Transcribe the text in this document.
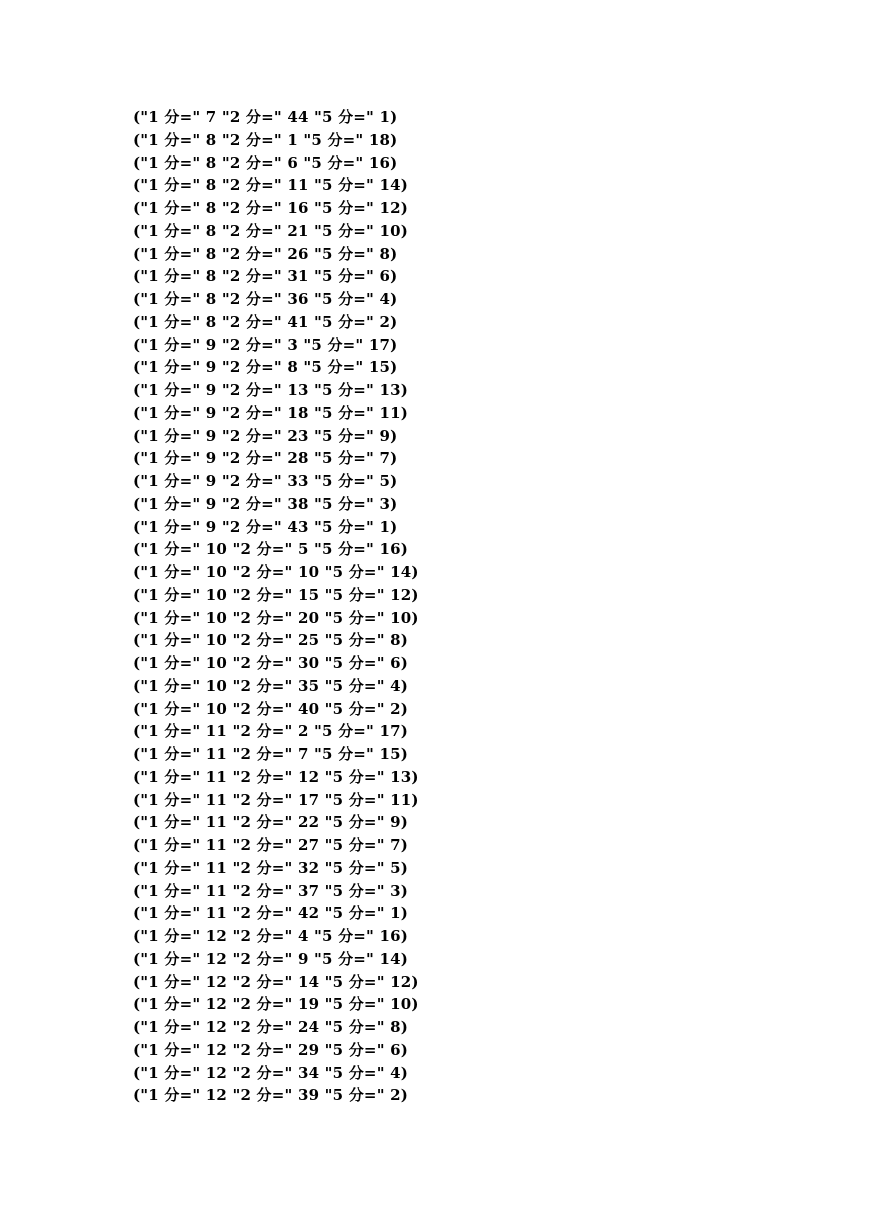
("1 分=" 7 "2 分=" 44 "5 分=" 1)
("1 分=" 8 "2 分=" 1 "5 分=" 18)
("1 分=" 8 "2 分=" 6 "5 分=" 16)
("1 分=" 8 "2 分=" 11 "5 分=" 14)
("1 分=" 8 "2 分=" 16 "5 分=" 12)
("1 分=" 8 "2 分=" 21 "5 分=" 10)
("1 分=" 8 "2 分=" 26 "5 分=" 8)
("1 分=" 8 "2 分=" 31 "5 分=" 6)
("1 分=" 8 "2 分=" 36 "5 分=" 4)
("1 分=" 8 "2 分=" 41 "5 分=" 2)
("1 分=" 9 "2 分=" 3 "5 分=" 17)
("1 分=" 9 "2 分=" 8 "5 分=" 15)
("1 分=" 9 "2 分=" 13 "5 分=" 13)
("1 分=" 9 "2 分=" 18 "5 分=" 11)
("1 分=" 9 "2 分=" 23 "5 分=" 9)
("1 分=" 9 "2 分=" 28 "5 分=" 7)
("1 分=" 9 "2 分=" 33 "5 分=" 5)
("1 分=" 9 "2 分=" 38 "5 分=" 3)
("1 分=" 9 "2 分=" 43 "5 分=" 1)
("1 分=" 10 "2 分=" 5 "5 分=" 16)
("1 分=" 10 "2 分=" 10 "5 分=" 14)
("1 分=" 10 "2 分=" 15 "5 分=" 12)
("1 分=" 10 "2 分=" 20 "5 分=" 10)
("1 分=" 10 "2 分=" 25 "5 分=" 8)
("1 分=" 10 "2 分=" 30 "5 分=" 6)
("1 分=" 10 "2 分=" 35 "5 分=" 4)
("1 分=" 10 "2 分=" 40 "5 分=" 2)
("1 分=" 11 "2 分=" 2 "5 分=" 17)
("1 分=" 11 "2 分=" 7 "5 分=" 15)
("1 分=" 11 "2 分=" 12 "5 分=" 13)
("1 分=" 11 "2 分=" 17 "5 分=" 11)
("1 分=" 11 "2 分=" 22 "5 分=" 9)
("1 分=" 11 "2 分=" 27 "5 分=" 7)
("1 分=" 11 "2 分=" 32 "5 分=" 5)
("1 分=" 11 "2 分=" 37 "5 分=" 3)
("1 分=" 11 "2 分=" 42 "5 分=" 1)
("1 分=" 12 "2 分=" 4 "5 分=" 16)
("1 分=" 12 "2 分=" 9 "5 分=" 14)
("1 分=" 12 "2 分=" 14 "5 分=" 12)
("1 分=" 12 "2 分=" 19 "5 分=" 10)
("1 分=" 12 "2 分=" 24 "5 分=" 8)
("1 分=" 12 "2 分=" 29 "5 分=" 6)
("1 分=" 12 "2 分=" 34 "5 分=" 4)
("1 分=" 12 "2 分=" 39 "5 分=" 2)
